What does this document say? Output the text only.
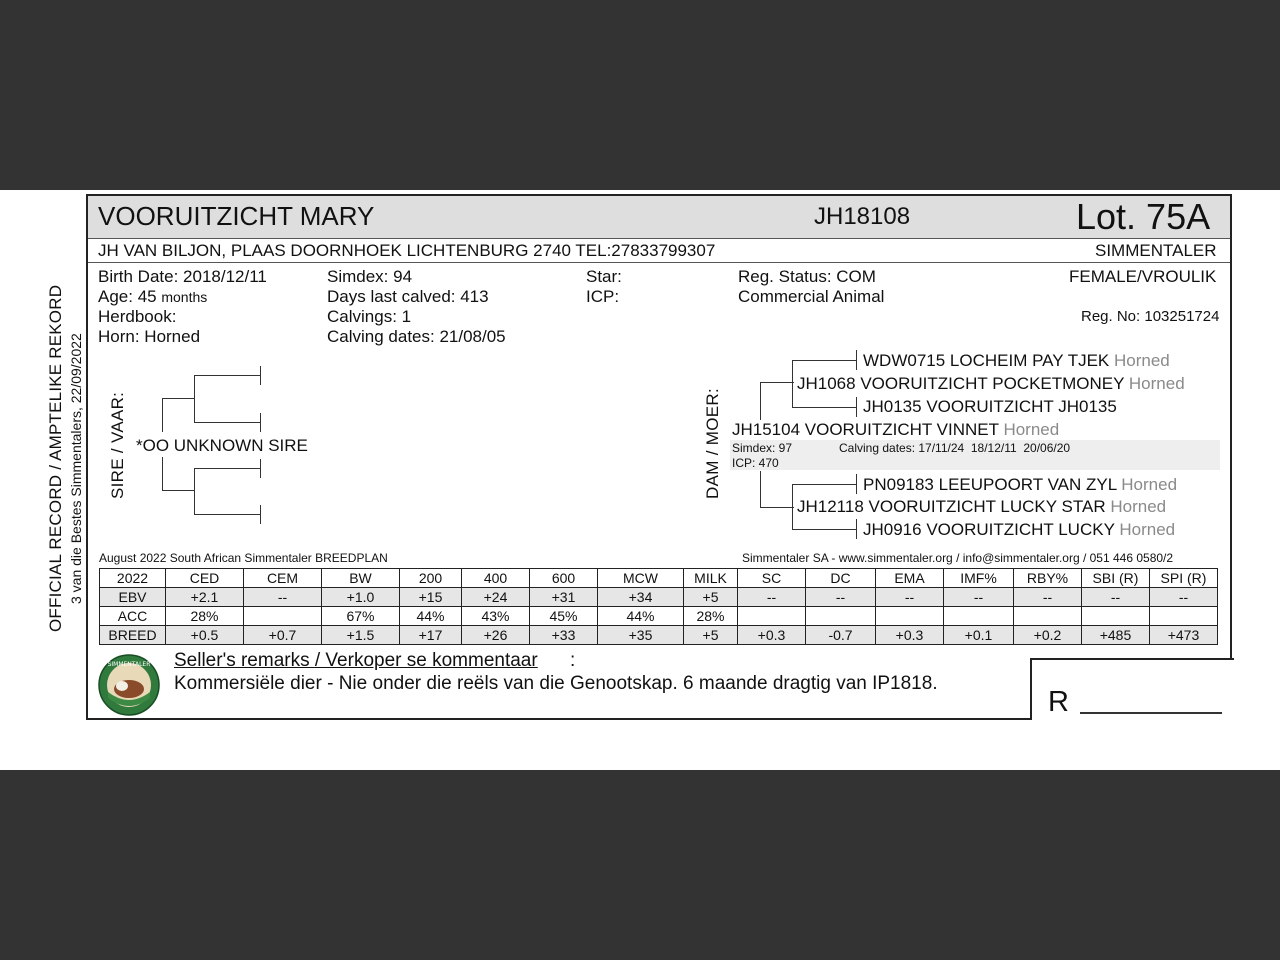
VOORUITZICHT MARY	JH18108	Lot. 75A
JH VAN BILJON, PLAAS DOORNHOEK LICHTENBURG 2740 TEL:27833799307	SIMMENTALER
OFFICIAL RECORD / AMPTELIKE REKORD 3 van die Bestes Simmentalers, 22/09/2022
Birth Date: 2018/12/11
Age: 45 months
Herdbook:
Horn: Horned
Simdex: 94
Days last calved: 413
Calvings: 1
Calving dates: 21/08/05
Star:
ICP:
Reg. Status: COM
Commercial Animal
FEMALE/VROULIK
Reg. No: 103251724
SIRE / VAAR: *OO UNKNOWN SIRE	DAM / MOER:
WDW0715 LOCHEIM PAY TJEK Horned
JH1068 VOORUITZICHT POCKETMONEY Horned
JH0135 VOORUITZICHT JH0135
JH15104 VOORUITZICHT VINNET Horned
Simdex: 97	Calving dates: 17/11/24  18/12/11  20/06/20
ICP: 470
PN09183 LEEUPOORT VAN ZYL Horned
JH12118 VOORUITZICHT LUCKY STAR Horned
JH0916 VOORUITZICHT LUCKY Horned
August 2022 South African Simmentaler BREEDPLAN	Simmentaler SA - www.simmentaler.org / info@simmentaler.org / 051 446 0580/2
2022	CED	CEM	BW	200	400	600	MCW	MILK	SC	DC	EMA	IMF%	RBY%	SBI (R)	SPI (R)
EBV	+2.1	--	+1.0	+15	+24	+31	+34	+5	--	--	--	--	--	--	--
ACC	28%		67%	44%	43%	45%	44%	28%							
BREED	+0.5	+0.7	+1.5	+17	+26	+33	+35	+5	+0.3	-0.7	+0.3	+0.1	+0.2	+485	+473
SIMMENTALER Seller's remarks / Verkoper se kommentaar :
Kommersiële dier - Nie onder die reëls van die Genootskap. 6 maande dragtig van IP1818.
R
